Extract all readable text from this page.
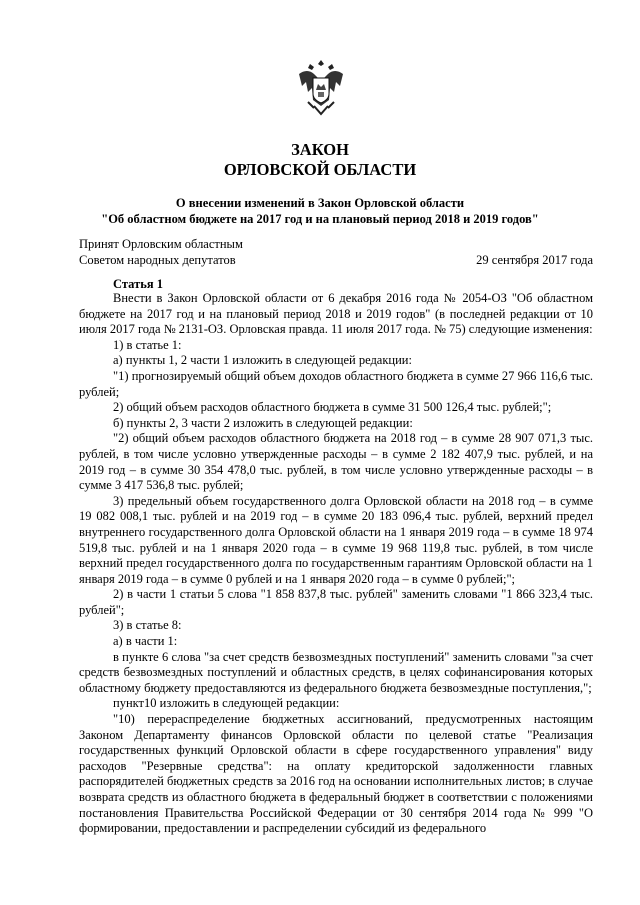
ЗАКОН
ОРЛОВСКОЙ ОБЛАСТИ
О внесении изменений в Закон Орловской области
"Об областном бюджете на 2017 год и на плановый период 2018 и 2019 годов"
Принят Орловским областным
Советом народных депутатов	29 сентября 2017 года
Статья 1

Внести в Закон Орловской области от 6 декабря 2016 года № 2054-ОЗ "Об областном бюджете на 2017 год и на плановый период 2018 и 2019 годов" (в последней редакции от 10 июля 2017 года № 2131-ОЗ. Орловская правда. 11 июля 2017 года. № 75) следующие изменения:

1) в статье 1:

а) пункты 1, 2 части 1 изложить в следующей редакции:

"1) прогнозируемый общий объем доходов областного бюджета в сумме 27 966 116,6 тыс. рублей;

2) общий объем расходов областного бюджета в сумме 31 500 126,4 тыс. рублей;";

б) пункты 2, 3 части 2 изложить в следующей редакции:

"2) общий объем расходов областного бюджета на 2018 год – в сумме 28 907 071,3 тыс. рублей, в том числе условно утвержденные расходы – в сумме 2 182 407,9 тыс. рублей, и на 2019 год – в сумме 30 354 478,0 тыс. рублей, в том числе условно утвержденные расходы – в сумме 3 417 536,8 тыс. рублей;

3) предельный объем государственного долга Орловской области на 2018 год – в сумме 19 082 008,1 тыс. рублей и на 2019 год – в сумме 20 183 096,4 тыс. рублей, верхний предел внутреннего государственного долга Орловской области на 1 января 2019 года – в сумме 18 974 519,8 тыс. рублей и на 1 января 2020 года – в сумме 19 968 119,8 тыс. рублей, в том числе верхний предел государственного долга по государственным гарантиям Орловской области на 1 января 2019 года – в сумме 0 рублей и на 1 января 2020 года – в сумме 0 рублей;";

2) в части 1 статьи 5 слова "1 858 837,8 тыс. рублей" заменить словами "1 866 323,4 тыс. рублей";

3) в статье 8:

а) в части 1:

в пункте 6 слова "за счет средств безвозмездных поступлений" заменить словами "за счет средств безвозмездных поступлений и областных средств, в целях софинансирования которых областному бюджету предоставляются из федерального бюджета безвозмездные поступления,";

пункт10 изложить в следующей редакции:

"10) перераспределение бюджетных ассигнований, предусмотренных настоящим Законом Департаменту финансов Орловской области по целевой статье "Реализация государственных функций Орловской области в сфере государственного управления" виду расходов "Резервные средства": на оплату кредиторской задолженности главных распорядителей бюджетных средств за 2016 год на основании исполнительных листов; в случае возврата средств из областного бюджета в федеральный бюджет в соответствии с положениями постановления Правительства Российской Федерации от 30 сентября 2014 года № 999 "О формировании, предоставлении и распределении субсидий из федерального
